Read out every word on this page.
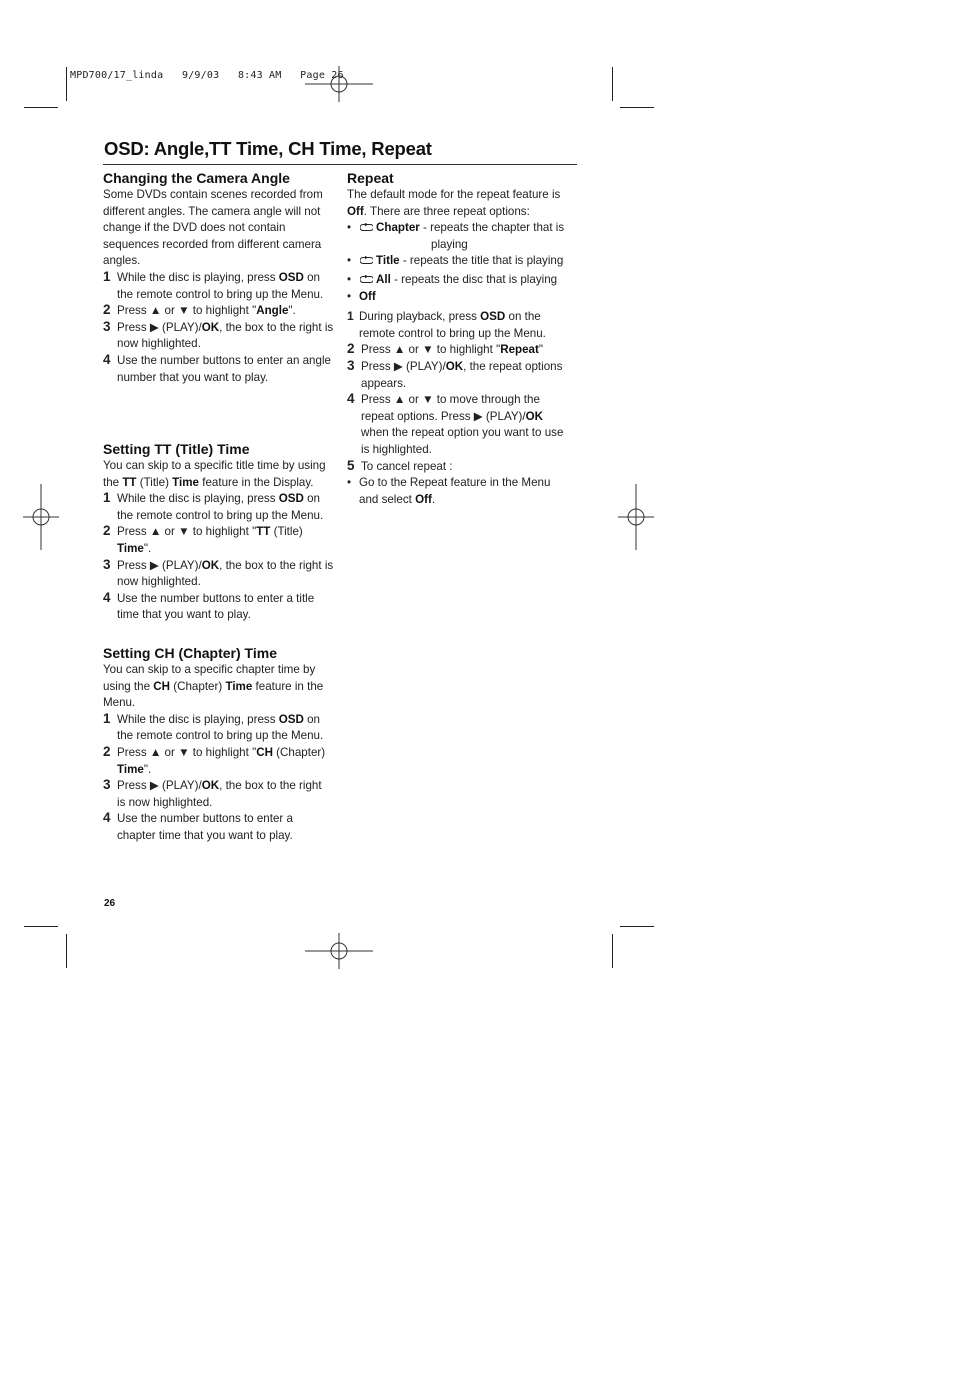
MPD700/17_linda   9/9/03   8:43 AM   Page 26
OSD: Angle,TT Time, CH Time, Repeat
Changing the Camera Angle

Some DVDs contain scenes recorded from different angles. The camera angle will not change if the DVD does not contain sequences recorded from different camera angles.

1 While the disc is playing, press OSD on the remote control to bring up the Menu.

2 Press ▲ or ▼ to highlight "Angle".

3 Press ▶ (PLAY)/OK, the box to the right is now highlighted.

4 Use the number buttons to enter an angle number that you want to play.

Setting TT (Title) Time

You can skip to a specific title time by using the TT (Title) Time feature in the Display.

1 While the disc is playing, press OSD on the remote control to bring up the Menu.

2 Press ▲ or ▼ to highlight "TT (Title) Time".

3 Press ▶ (PLAY)/OK, the box to the right is now highlighted.

4 Use the number buttons to enter a title time that you want to play.

Setting CH (Chapter) Time

You can skip to a specific chapter time by using the CH (Chapter) Time feature in the Menu.

1 While the disc is playing, press OSD on the remote control to bring up the Menu.

2 Press ▲ or ▼ to highlight "CH (Chapter) Time".

3 Press ▶ (PLAY)/OK, the box to the right is now highlighted.

4 Use the number buttons to enter a chapter time that you want to play.

Repeat

The default mode for the repeat feature is Off. There are three repeat options:

• Chapter - repeats the chapter that is

playing

• Title - repeats the title that is playing

• All - repeats the disc that is playing

• Off

1 During playback, press OSD on the remote control to bring up the Menu.

2 Press ▲ or ▼ to highlight "Repeat"

3 Press ▶ (PLAY)/OK, the repeat options appears.

4 Press ▲ or ▼ to move through the repeat options. Press ▶ (PLAY)/OK when the repeat option you want to use is highlighted.

5 To cancel repeat :

• Go to the Repeat feature in the Menu and select Off.

26
